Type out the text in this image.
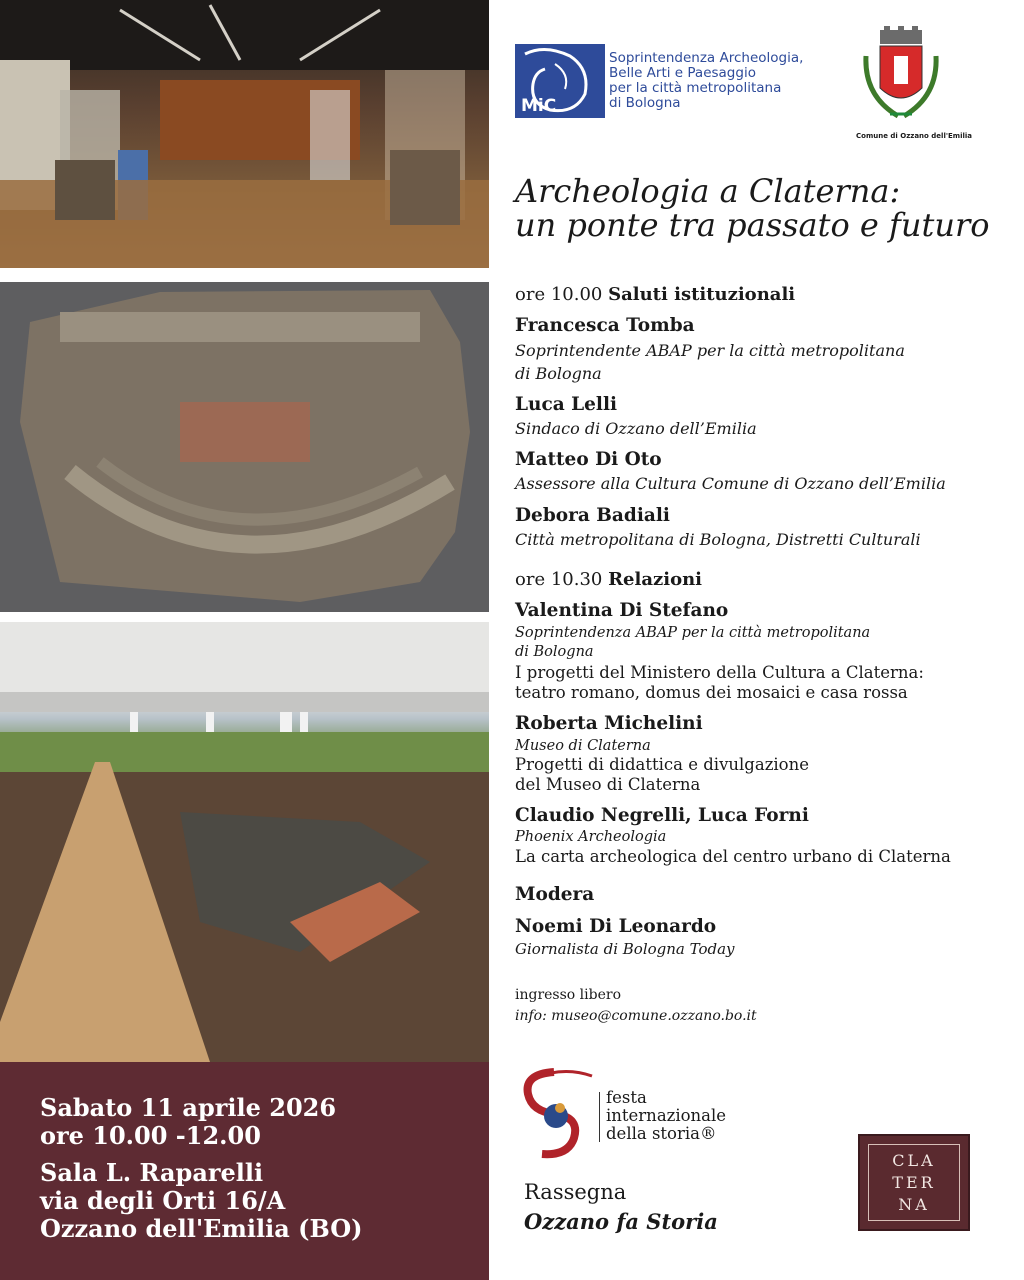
Sabato 11 aprile 2026
ore 10.00 -12.00
Sala L. Raparelli
via degli Orti 16/A
Ozzano dell'Emilia (BO)
MiC
Soprintendenza Archeologia,
Belle Arti e Paesaggio
per la città metropolitana
di Bologna
Comune di Ozzano dell'Emilia
Archeologia a Claterna:
un ponte tra passato e futuro
ore 10.00 Saluti istituzionali
Francesca Tomba
Soprintendente ABAP per la città metropolitana
di Bologna
Luca Lelli
Sindaco di Ozzano dell’Emilia
Matteo Di Oto
Assessore alla Cultura Comune di Ozzano dell’Emilia
Debora Badiali
Città metropolitana di Bologna, Distretti Culturali
ore 10.30 Relazioni
Valentina Di Stefano
Soprintendenza ABAP per la città metropolitana
di Bologna
I progetti del Ministero della Cultura a Claterna:
teatro romano, domus dei mosaici e casa rossa
Roberta Michelini
Museo di Claterna
Progetti di didattica e divulgazione
del Museo di Claterna
Claudio Negrelli, Luca Forni
Phoenix Archeologia
La carta archeologica del centro urbano di Claterna
Modera
Noemi Di Leonardo
Giornalista di Bologna Today
ingresso libero
info: museo@comune.ozzano.bo.it
festa
internazionale
della storia®
Rassegna
Ozzano fa Storia
CLA
TER
NA
